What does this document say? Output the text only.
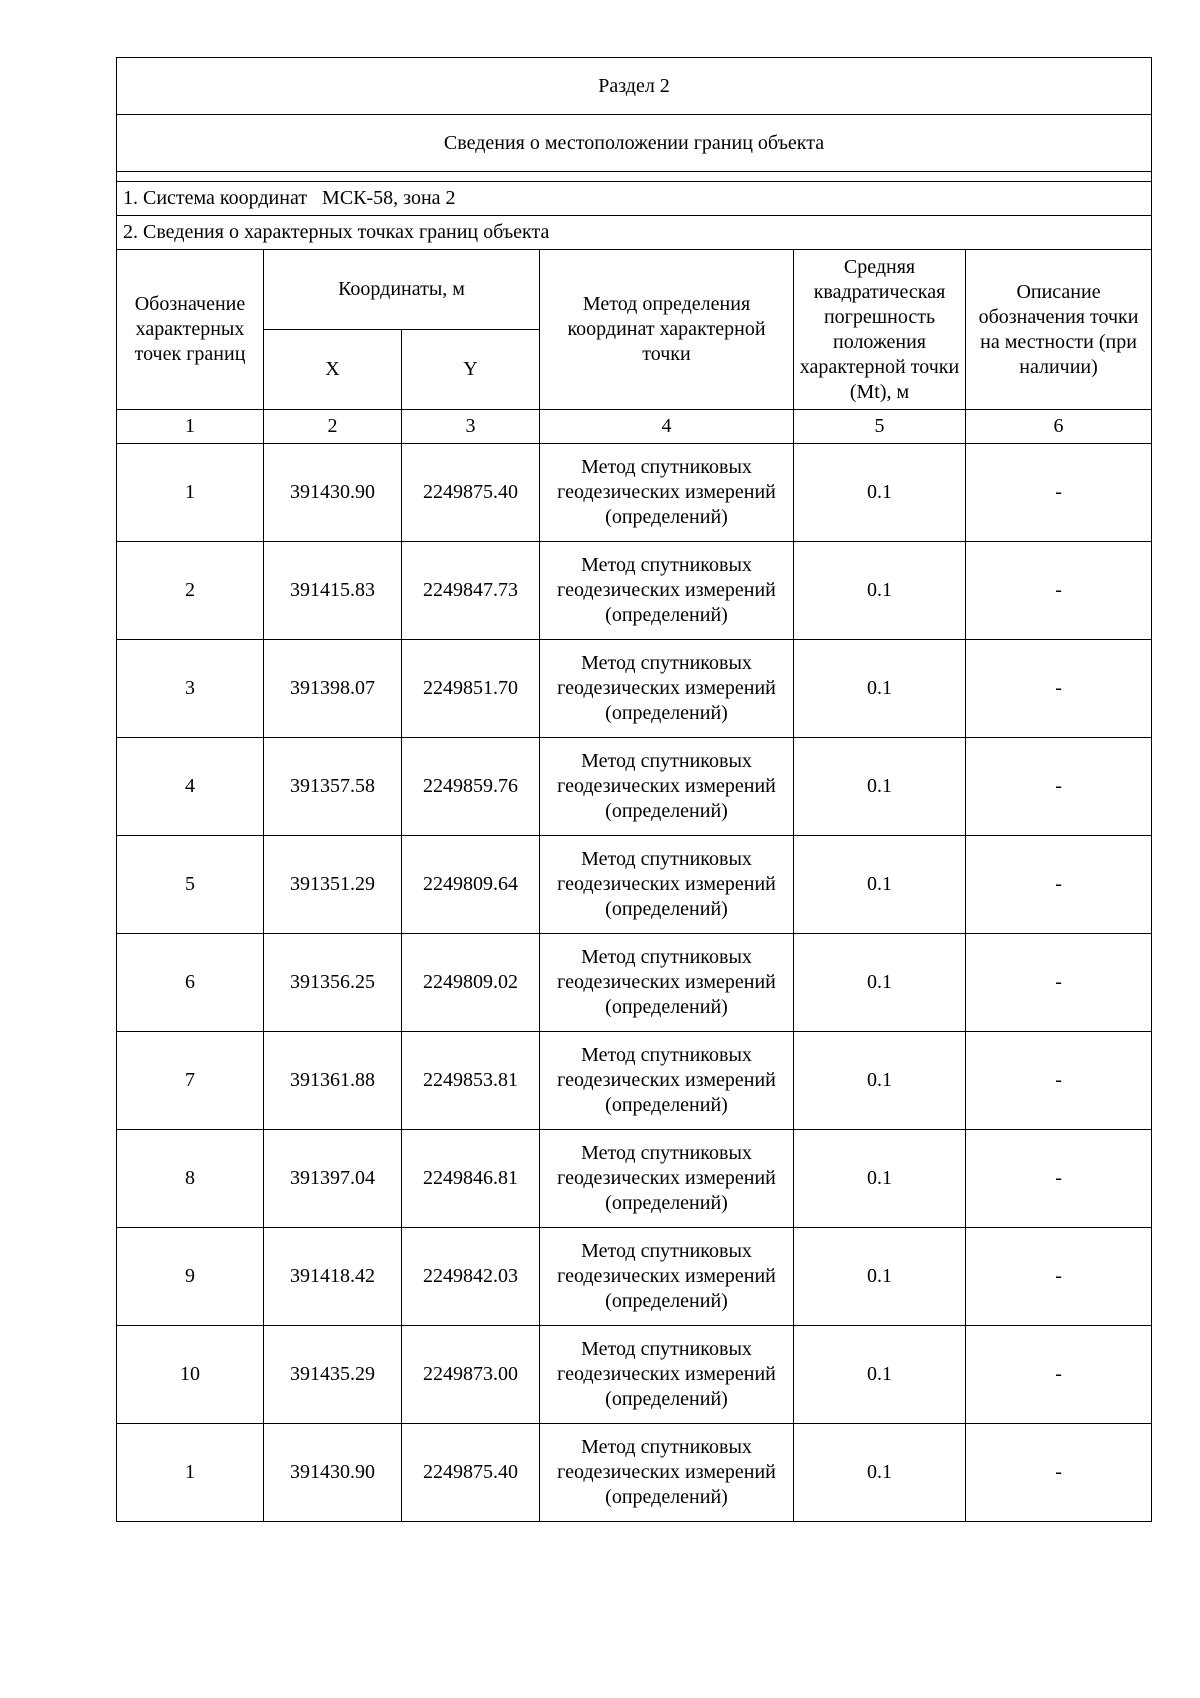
Раздел 2					
Сведения о местоположении границ объекта					

1. Система координат   МСК-58, зона 2					
2. Сведения о характерных точках границ объекта					
Обозначение характерных точек границ	Координаты, м		Метод определения координат характерной точки	Средняя квадратическая погрешность положения характерной точки (Mt), м	Описание обозначения точки на местности (при наличии)
	X	Y			
1	2	3	4	5	6
1	391430.90	2249875.40	Метод спутниковых геодезических измерений (определений)	0.1	-
2	391415.83	2249847.73	Метод спутниковых геодезических измерений (определений)	0.1	-
3	391398.07	2249851.70	Метод спутниковых геодезических измерений (определений)	0.1	-
4	391357.58	2249859.76	Метод спутниковых геодезических измерений (определений)	0.1	-
5	391351.29	2249809.64	Метод спутниковых геодезических измерений (определений)	0.1	-
6	391356.25	2249809.02	Метод спутниковых геодезических измерений (определений)	0.1	-
7	391361.88	2249853.81	Метод спутниковых геодезических измерений (определений)	0.1	-
8	391397.04	2249846.81	Метод спутниковых геодезических измерений (определений)	0.1	-
9	391418.42	2249842.03	Метод спутниковых геодезических измерений (определений)	0.1	-
10	391435.29	2249873.00	Метод спутниковых геодезических измерений (определений)	0.1	-
1	391430.90	2249875.40	Метод спутниковых геодезических измерений (определений)	0.1	-
